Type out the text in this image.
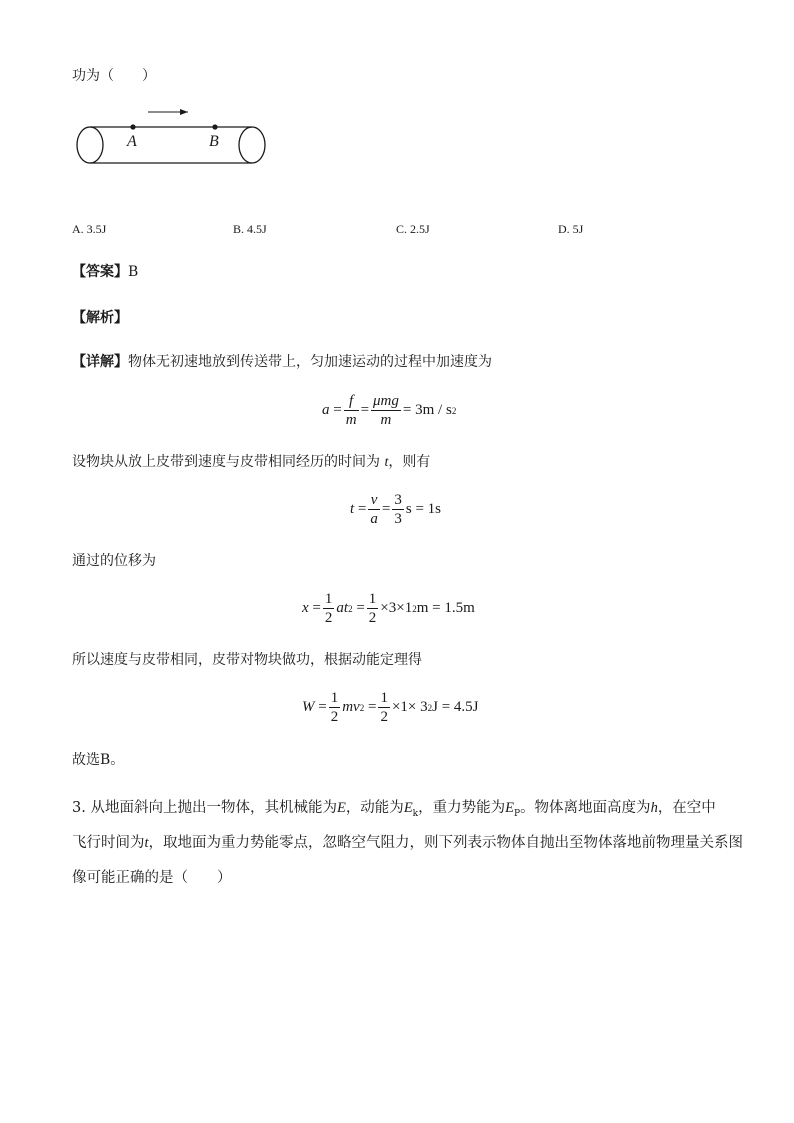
功为（　　）
A	B
A. 3.5J	B. 4.5J	C. 2.5J	D. 5J
【答案】B
【解析】
【详解】物体无初速地放到传送带上，匀加速运动的过程中加速度为
$a = \frac{f}{m} = \frac{\text{μmg}}{m} = 3m / s$ 2
设物块从放上皮带到速度与皮带相同经历的时间为 t，则有
$t = \frac{v}{a} = \frac{3}{3}$ s = 1s
通过的位移为
$x = \frac{1}{2}$ at $2 = \frac{1}{2} \times 3\times 1$ 2 m = 1.5m
所以速度与皮带相同，皮带对物块做功，根据动能定理得
$W = \frac{1}{2}$ mv $2 = \frac{1}{2} \times 1\times 3$ 2 J = 4.5J
故选B。
3. 从地面斜向上抛出一物体，其机械能为E，动能为$E_k$，重力势能为$E_P$。物体离地面高度为h，在空中
飞行时间为t，取地面为重力势能零点，忽略空气阻力，则下列表示物体自抛出至物体落地前物理量关系图
像可能正确的是（　　）
